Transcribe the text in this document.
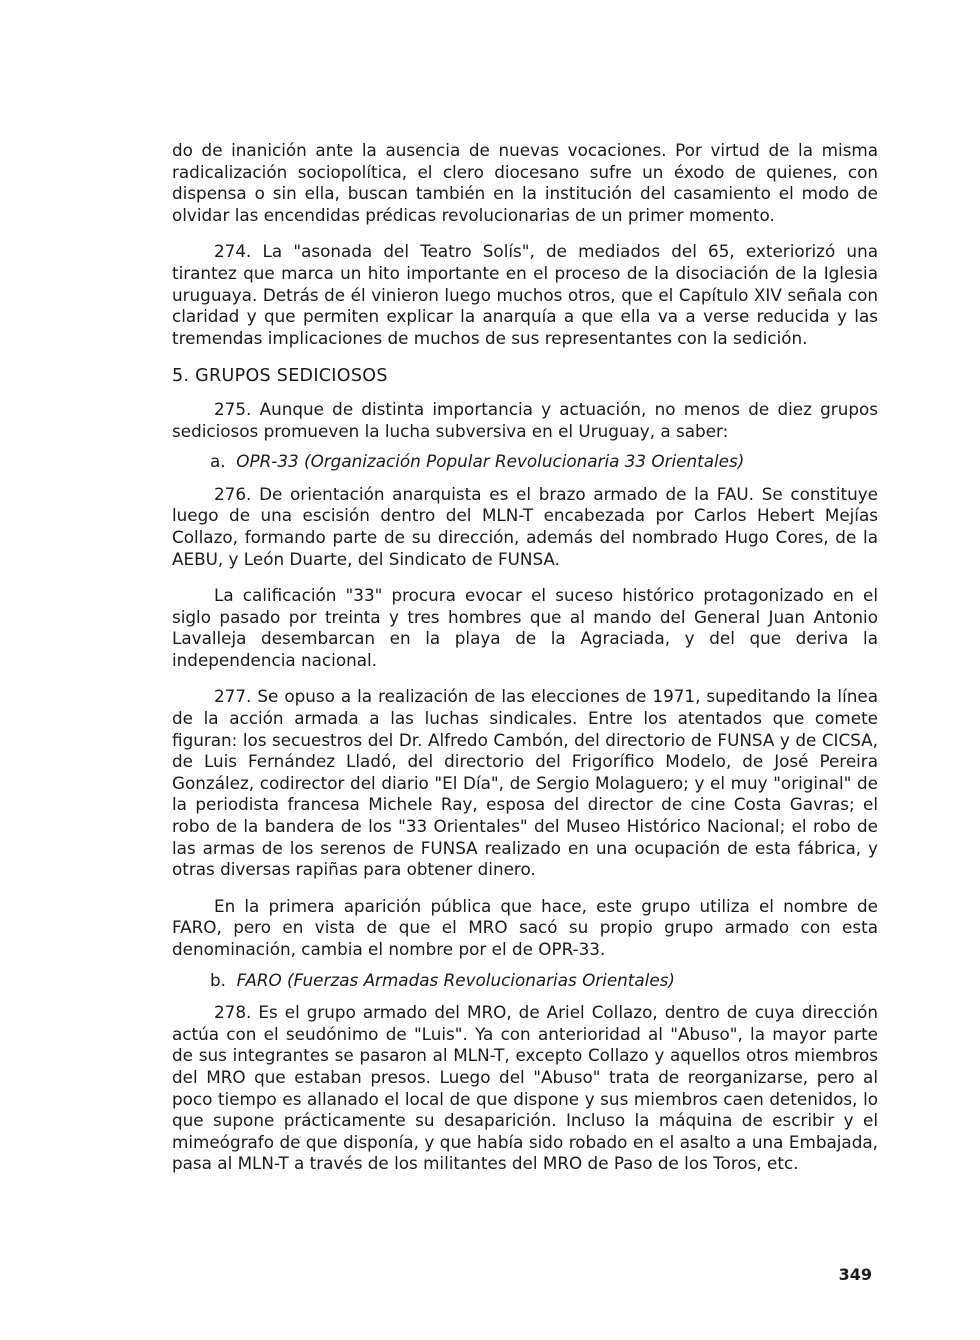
do de inanición ante la ausencia de nuevas vocaciones. Por virtud de la misma radicalización sociopolítica, el clero diocesano sufre un éxodo de quienes, con dispensa o sin ella, buscan también en la institución del casamiento el modo de olvidar las encendidas prédicas revolucionarias de un primer momento.

274. La "asonada del Teatro Solís", de mediados del 65, exteriorizó una tirantez que marca un hito importante en el proceso de la disociación de la Iglesia uruguaya. Detrás de él vinieron luego muchos otros, que el Capítulo XIV señala con claridad y que permiten explicar la anarquía a que ella va a verse reducida y las tremendas implicaciones de muchos de sus representantes con la sedición.

5. GRUPOS SEDICIOSOS

275. Aunque de distinta importancia y actuación, no menos de diez grupos sediciosos promueven la lucha subversiva en el Uruguay, a saber:

a. OPR-33 (Organización Popular Revolucionaria 33 Orientales)

276. De orientación anarquista es el brazo armado de la FAU. Se constituye luego de una escisión dentro del MLN-T encabezada por Carlos Hebert Mejías Collazo, formando parte de su dirección, además del nombrado Hugo Cores, de la AEBU, y León Duarte, del Sindicato de FUNSA.

La calificación "33" procura evocar el suceso histórico protagonizado en el siglo pasado por treinta y tres hombres que al mando del General Juan Antonio Lavalleja desembarcan en la playa de la Agraciada, y del que deriva la independencia nacional.

277. Se opuso a la realización de las elecciones de 1971, supeditando la línea de la acción armada a las luchas sindicales. Entre los atentados que comete figuran: los secuestros del Dr. Alfredo Cambón, del directorio de FUNSA y de CICSA, de Luis Fernández Lladó, del directorio del Frigorífico Modelo, de José Pereira González, codirector del diario "El Día", de Sergio Molaguero; y el muy "original" de la periodista francesa Michele Ray, esposa del director de cine Costa Gavras; el robo de la bandera de los "33 Orientales" del Museo Histórico Nacional; el robo de las armas de los serenos de FUNSA realizado en una ocupación de esta fábrica, y otras diversas rapiñas para obtener dinero.

En la primera aparición pública que hace, este grupo utiliza el nombre de FARO, pero en vista de que el MRO sacó su propio grupo armado con esta denominación, cambia el nombre por el de OPR-33.

b. FARO (Fuerzas Armadas Revolucionarias Orientales)

278. Es el grupo armado del MRO, de Ariel Collazo, dentro de cuya dirección actúa con el seudónimo de "Luis". Ya con anterioridad al "Abuso", la mayor parte de sus integrantes se pasaron al MLN-T, excepto Collazo y aquellos otros miembros del MRO que estaban presos. Luego del "Abuso" trata de reorganizarse, pero al poco tiempo es allanado el local de que dispone y sus miembros caen detenidos, lo que supone prácticamente su desaparición. Incluso la máquina de escribir y el mimeógrafo de que disponía, y que había sido robado en el asalto a una Embajada, pasa al MLN-T a través de los militantes del MRO de Paso de los Toros, etc.

349
